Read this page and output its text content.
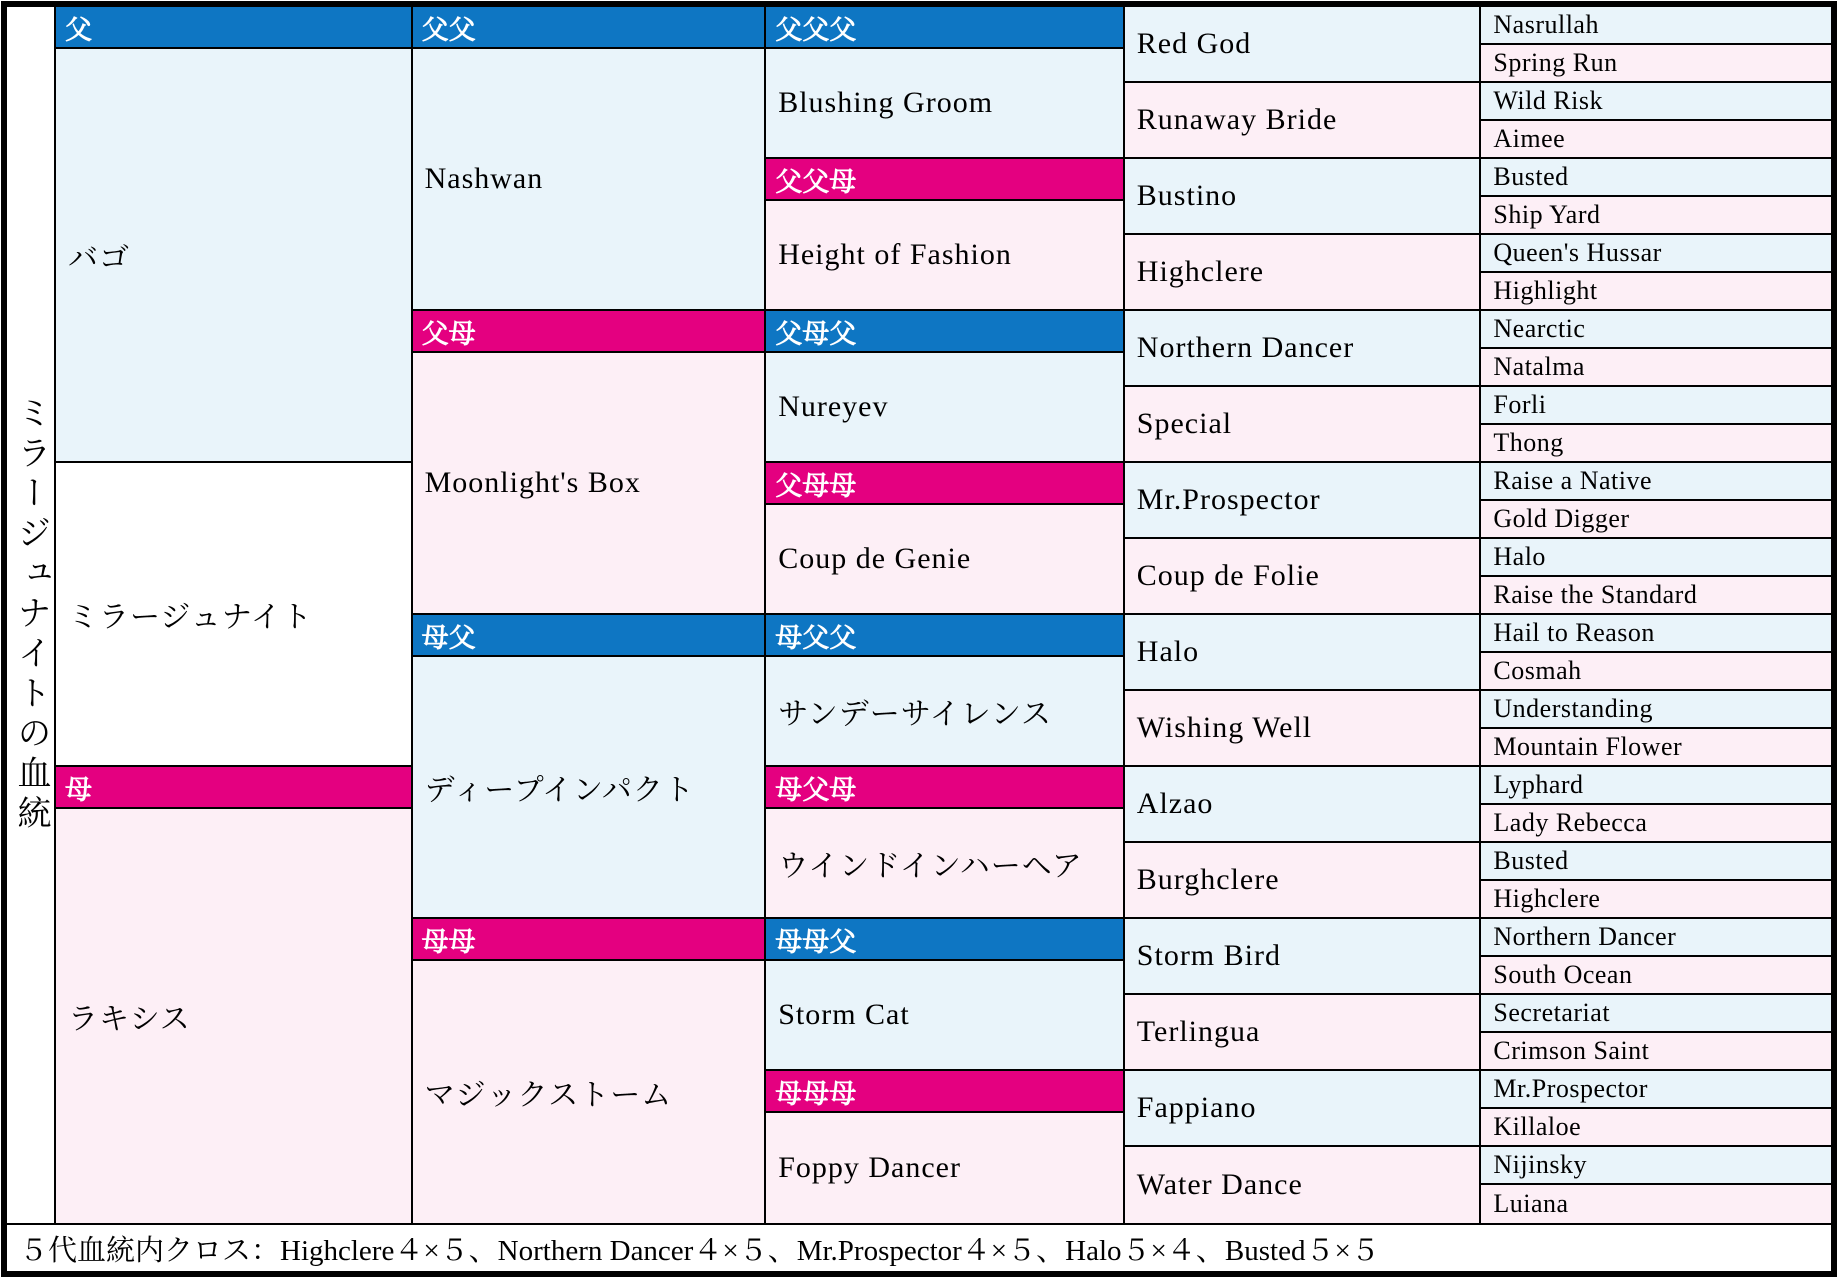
ミラージュナイトの血統
父
バゴ
ミラージュナイト
母
ラキシス
父父
Nashwan
父母
Moonlight's Box
母父
ディープインパクト
母母
マジックストーム
父父父
Blushing Groom
父父母
Height of Fashion
父母父
Nureyev
父母母
Coup de Genie
母父父
サンデーサイレンス
母父母
ウインドインハーヘア
母母父
Storm Cat
母母母
Foppy Dancer
Red God
Runaway Bride
Bustino
Highclere
Northern Dancer
Special
Mr.Prospector
Coup de Folie
Halo
Wishing Well
Alzao
Burghclere
Storm Bird
Terlingua
Fappiano
Water Dance
Nasrullah
Spring Run
Wild Risk
Aimee
Busted
Ship Yard
Queen's Hussar
Highlight
Nearctic
Natalma
Forli
Thong
Raise a Native
Gold Digger
Halo
Raise the Standard
Hail to Reason
Cosmah
Understanding
Mountain Flower
Lyphard
Lady Rebecca
Busted
Highclere
Northern Dancer
South Ocean
Secretariat
Crimson Saint
Mr.Prospector
Killaloe
Nijinsky
Luiana
５代血統内クロス：Highclere４×５、Northern Dancer４×５、Mr.Prospector４×５、Halo５×４、Busted５×５
